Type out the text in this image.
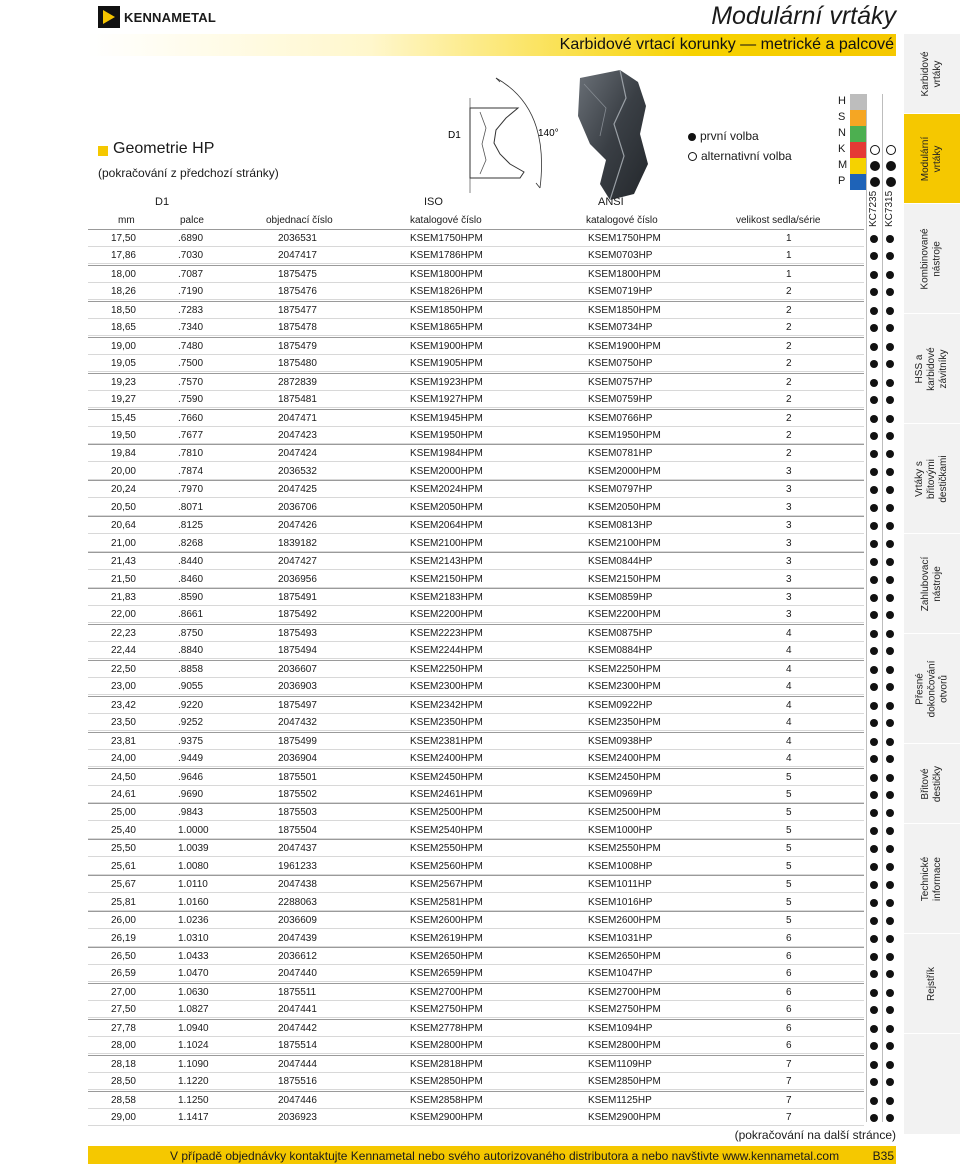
KENNAMETAL	Modulární vrtáky
Karbidové vrtací korunky — metrické a palcové
Karbidové vrtáky
Modulární vrtáky
Kombinované nástroje
HSS a karbidové
závitníky
Vrtáky s břitovými
destičkami
Zahlubovací nástroje
Přesné
dokončování otvorů
Břitové destičky
Technické informace
Rejstřík
Geometrie HP
(pokračování z předchozí stránky)
D1	140°	první volba
alternativní volba
H
S
N
K
M
P
D1	ISO	ANSI
mm	palce	objednací číslo	katalogové číslo	katalogové číslo	velikost sedla/série
17,50	.6890	2036531	KSEM1750HPM	KSEM1750HPM	1
17,86	.7030	2047417	KSEM1786HPM	KSEM0703HP	1
18,00	.7087	1875475	KSEM1800HPM	KSEM1800HPM	1
18,26	.7190	1875476	KSEM1826HPM	KSEM0719HP	2
18,50	.7283	1875477	KSEM1850HPM	KSEM1850HPM	2
18,65	.7340	1875478	KSEM1865HPM	KSEM0734HP	2
19,00	.7480	1875479	KSEM1900HPM	KSEM1900HPM	2
19,05	.7500	1875480	KSEM1905HPM	KSEM0750HP	2
19,23	.7570	2872839	KSEM1923HPM	KSEM0757HP	2
19,27	.7590	1875481	KSEM1927HPM	KSEM0759HP	2
15,45	.7660	2047471	KSEM1945HPM	KSEM0766HP	2
19,50	.7677	2047423	KSEM1950HPM	KSEM1950HPM	2
19,84	.7810	2047424	KSEM1984HPM	KSEM0781HP	2
20,00	.7874	2036532	KSEM2000HPM	KSEM2000HPM	3
20,24	.7970	2047425	KSEM2024HPM	KSEM0797HP	3
20,50	.8071	2036706	KSEM2050HPM	KSEM2050HPM	3
20,64	.8125	2047426	KSEM2064HPM	KSEM0813HP	3
21,00	.8268	1839182	KSEM2100HPM	KSEM2100HPM	3
21,43	.8440	2047427	KSEM2143HPM	KSEM0844HP	3
21,50	.8460	2036956	KSEM2150HPM	KSEM2150HPM	3
21,83	.8590	1875491	KSEM2183HPM	KSEM0859HP	3
22,00	.8661	1875492	KSEM2200HPM	KSEM2200HPM	3
22,23	.8750	1875493	KSEM2223HPM	KSEM0875HP	4
22,44	.8840	1875494	KSEM2244HPM	KSEM0884HP	4
22,50	.8858	2036607	KSEM2250HPM	KSEM2250HPM	4
23,00	.9055	2036903	KSEM2300HPM	KSEM2300HPM	4
23,42	.9220	1875497	KSEM2342HPM	KSEM0922HP	4
23,50	.9252	2047432	KSEM2350HPM	KSEM2350HPM	4
23,81	.9375	1875499	KSEM2381HPM	KSEM0938HP	4
24,00	.9449	2036904	KSEM2400HPM	KSEM2400HPM	4
24,50	.9646	1875501	KSEM2450HPM	KSEM2450HPM	5
24,61	.9690	1875502	KSEM2461HPM	KSEM0969HP	5
25,00	.9843	1875503	KSEM2500HPM	KSEM2500HPM	5
25,40	1.0000	1875504	KSEM2540HPM	KSEM1000HP	5
25,50	1.0039	2047437	KSEM2550HPM	KSEM2550HPM	5
25,61	1.0080	1961233	KSEM2560HPM	KSEM1008HP	5
25,67	1.0110	2047438	KSEM2567HPM	KSEM1011HP	5
25,81	1.0160	2288063	KSEM2581HPM	KSEM1016HP	5
26,00	1.0236	2036609	KSEM2600HPM	KSEM2600HPM	5
26,19	1.0310	2047439	KSEM2619HPM	KSEM1031HP	6
26,50	1.0433	2036612	KSEM2650HPM	KSEM2650HPM	6
26,59	1.0470	2047440	KSEM2659HPM	KSEM1047HP	6
27,00	1.0630	1875511	KSEM2700HPM	KSEM2700HPM	6
27,50	1.0827	2047441	KSEM2750HPM	KSEM2750HPM	6
27,78	1.0940	2047442	KSEM2778HPM	KSEM1094HP	6
28,00	1.1024	1875514	KSEM2800HPM	KSEM2800HPM	6
28,18	1.1090	2047444	KSEM2818HPM	KSEM1109HP	7
28,50	1.1220	1875516	KSEM2850HPM	KSEM2850HPM	7
28,58	1.1250	2047446	KSEM2858HPM	KSEM1125HP	7
29,00	1.1417	2036923	KSEM2900HPM	KSEM2900HPM	7
(pokračování na další stránce)
V případě objednávky kontaktujte Kennametal nebo svého autorizovaného distributora a nebo navštivte www.kennametal.com	B35
KC7235 KC7315
